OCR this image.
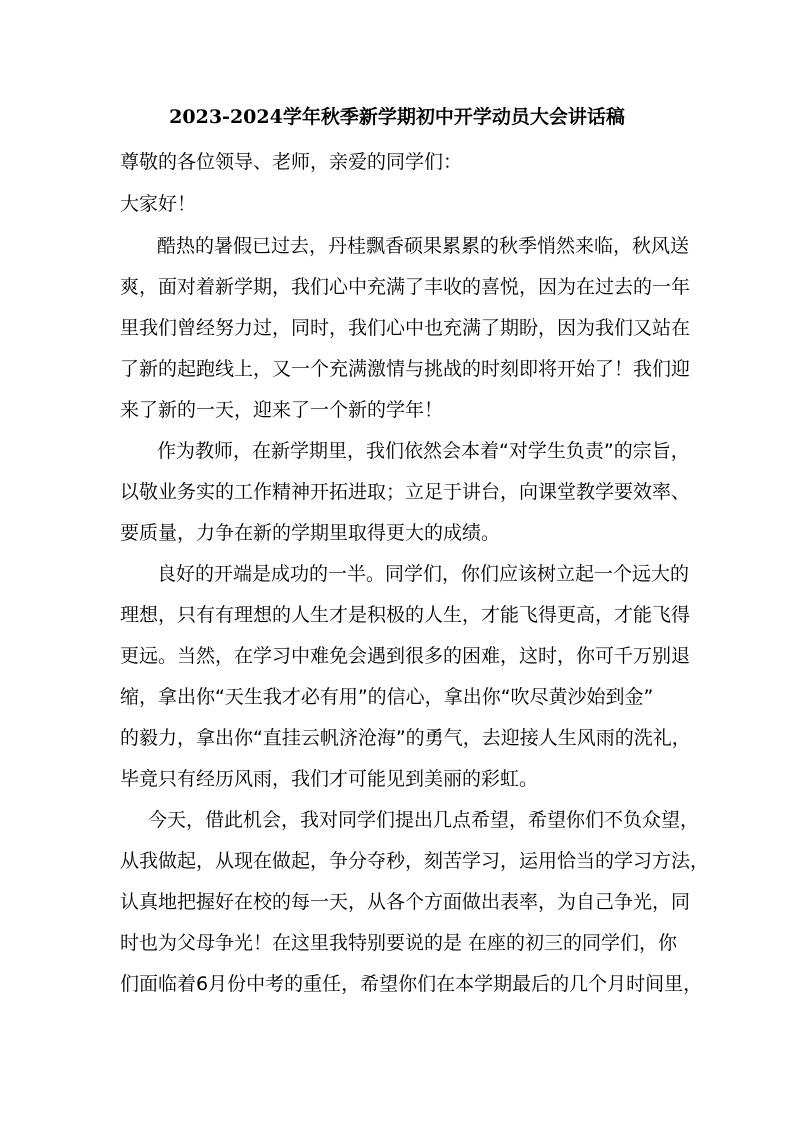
2023-2024学年秋季新学期初中开学动员大会讲话稿
尊敬的各位领导、老师，亲爱的同学们：
大家好！
酷热的暑假已过去，丹桂飘香硕果累累的秋季悄然来临，秋风送
爽，面对着新学期，我们心中充满了丰收的喜悦，因为在过去的一年
里我们曾经努力过，同时，我们心中也充满了期盼，因为我们又站在
了新的起跑线上，又一个充满激情与挑战的时刻即将开始了！我们迎
来了新的一天，迎来了一个新的学年！
作为教师，在新学期里，我们依然会本着“对学生负责”的宗旨，
以敬业务实的工作精神开拓进取；立足于讲台，向课堂教学要效率、
要质量，力争在新的学期里取得更大的成绩。
良好的开端是成功的一半。同学们，你们应该树立起一个远大的
理想，只有有理想的人生才是积极的人生，才能飞得更高，才能飞得
更远。当然，在学习中难免会遇到很多的困难，这时，你可千万别退
缩，拿出你“天生我才必有用”的信心，拿出你“吹尽黄沙始到金”
的毅力，拿出你“直挂云帆济沧海”的勇气，去迎接人生风雨的洗礼，
毕竟只有经历风雨，我们才可能见到美丽的彩虹。
今天，借此机会，我对同学们提出几点希望，希望你们不负众望，
从我做起，从现在做起，争分夺秒，刻苦学习，运用恰当的学习方法，
认真地把握好在校的每一天，从各个方面做出表率，为自己争光，同
时也为父母争光！在这里我特别要说的是 在座的初三的同学们，你
们面临着6月份中考的重任，希望你们在本学期最后的几个月时间里，
